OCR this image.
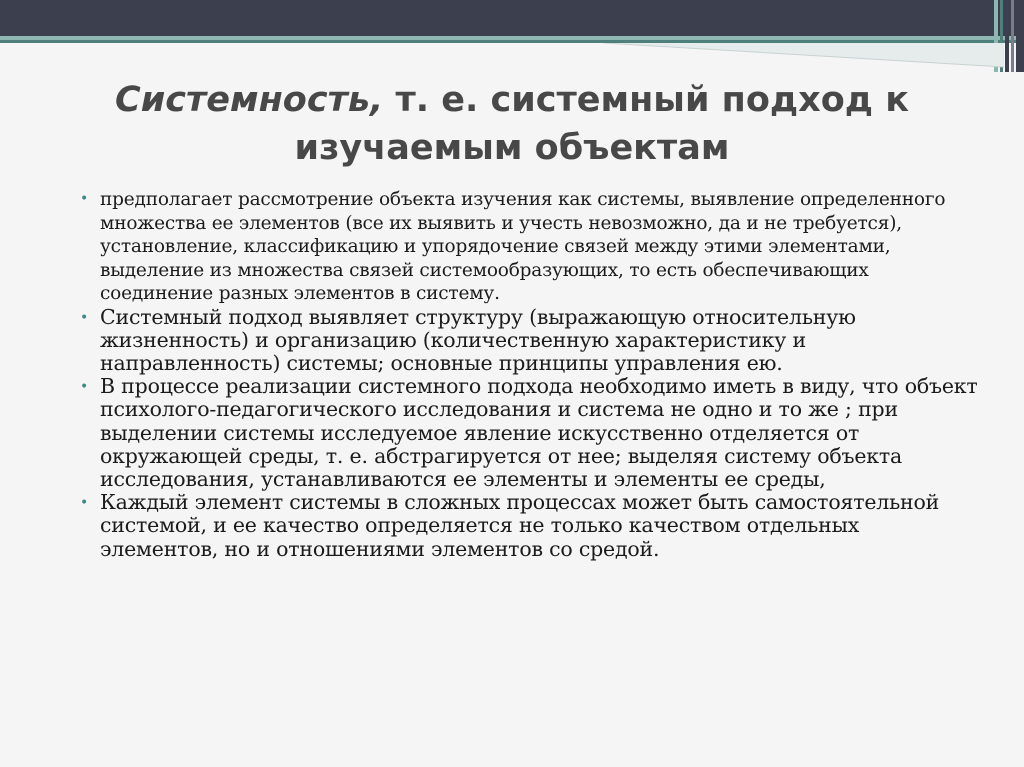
Системность, т. е. системный подход к изучаемым объектам
• предполагает рассмотрение объекта изучения как системы, выявление определенного множества ее элементов (все их выявить и учесть невозможно, да и не требуется), установление, классификацию и упорядочение связей между этими элементами, выделение из множества связей системообразующих, то есть обеспечивающих соединение разных элементов в систему.
• Системный подход выявляет структуру (выражающую относительную жизненность) и организацию (количественную характеристику и направленность) системы; основные принципы управления ею.
• В процессе реализации системного подхода необходимо иметь в виду, что объект психолого-педагогического исследования и система не одно и то же ; при выделении системы исследуемое явление искусственно отделяется от окружающей среды, т. е. абстрагируется от нее; выделяя систему объекта исследования, устанавливаются ее элементы и элементы ее среды,
• Каждый элемент системы в сложных процессах может быть самостоятельной системой, и ее качество определяется не только качеством отдельных элементов, но и отношениями элементов со средой.
